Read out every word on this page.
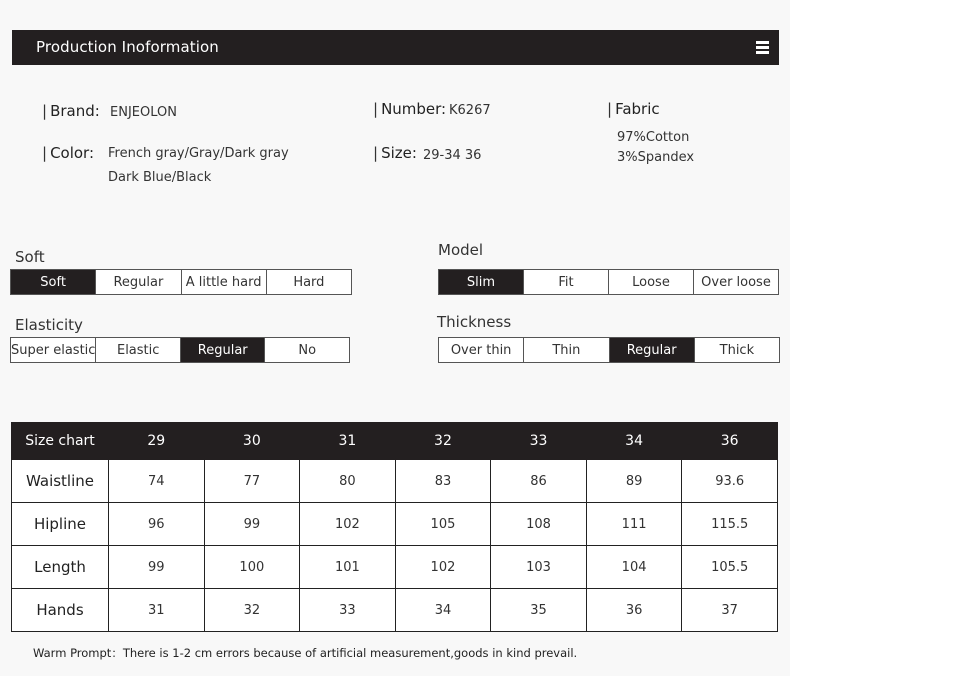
Production Inoformation
| Brand: ENJEOLON	| Number: K6267	| Fabric
97%Cotton
3%Spandex
| Color: French gray/Gray/Dark gray
Dark Blue/Black
| Size: 29-34 36
Soft
Soft	Regular	A little hard	Hard
Model
Slim	Fit	Loose	Over loose
Elasticity
Super elastic	Elastic	Regular	No
Thickness
Over thin	Thin	Regular	Thick
Size chart	29	30	31	32	33	34	36
Waistline	74	77	80	83	86	89	93.6
Hipline	96	99	102	105	108	111	115.5
Length	99	100	101	102	103	104	105.5
Hands	31	32	33	34	35	36	37
Warm Prompt：There is 1-2 cm errors because of artificial measurement,goods in kind prevail.
